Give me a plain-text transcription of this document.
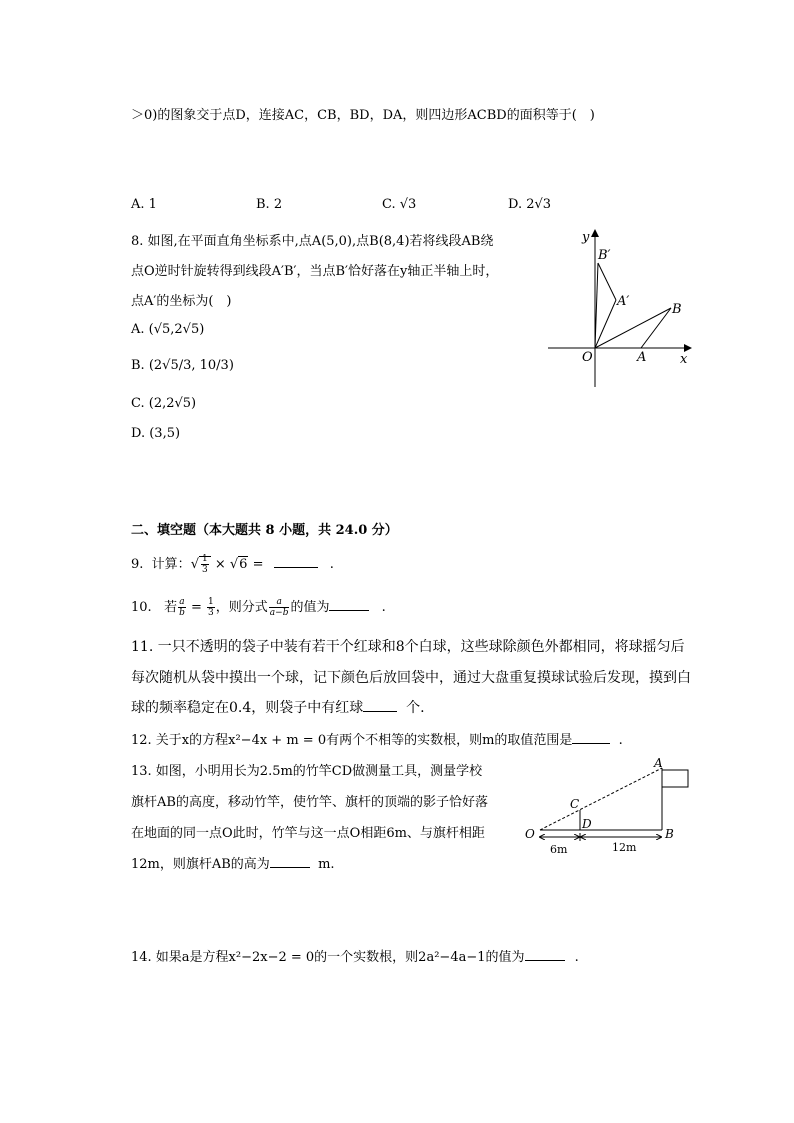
＞0)的图象交于点D，连接AC，CB，BD，DA，则四边形ACBD的面积等于(　)
A. 1	B. 2	C. √3	D. 2√3
8. 如图,在平面直角坐标系中,点A(5,0),点B(8,4)若将线段AB绕
点O逆时针旋转得到线段A′B′，当点B′恰好落在y轴正半轴上时，
点A′的坐标为(　)
A. (√5,2√5)
B. (2√5/3, 10/3)
C. (2,2√5)
D. (3,5)
y
x
O	A
B
A′
B′
二、填空题（本大题共 8 小题，共 24.0 分）
9. 计算：√ $\frac{1}{3} \times √6$ =	.
10. 若 $\frac{a}{b} = \frac{1}{3}$ ，则分式 $\frac{a}{a-b}$ 的值为	.
11. 一只不透明的袋子中装有若干个红球和8个白球，这些球除颜色外都相同，将球摇匀后
每次随机从袋中摸出一个球，记下颜色后放回袋中，通过大盘重复摸球试验后发现，摸到白
球的频率稳定在0.4，则袋子中有红球	个.
12. 关于x的方程x²−4x + m = 0有两个不相等的实数根，则m的取值范围是	.
13. 如图，小明用长为2.5m的竹竿CD做测量工具，测量学校
旗杆AB的高度，移动竹竿，使竹竿、旗杆的顶端的影子恰好落
在地面的同一点O此时，竹竿与这一点O相距6m、与旗杆相距
12m，则旗杆AB的高为	m.
A
B
C
D
O
6m	12m
14. 如果a是方程x²−2x−2 = 0的一个实数根，则2a²−4a−1的值为	.
